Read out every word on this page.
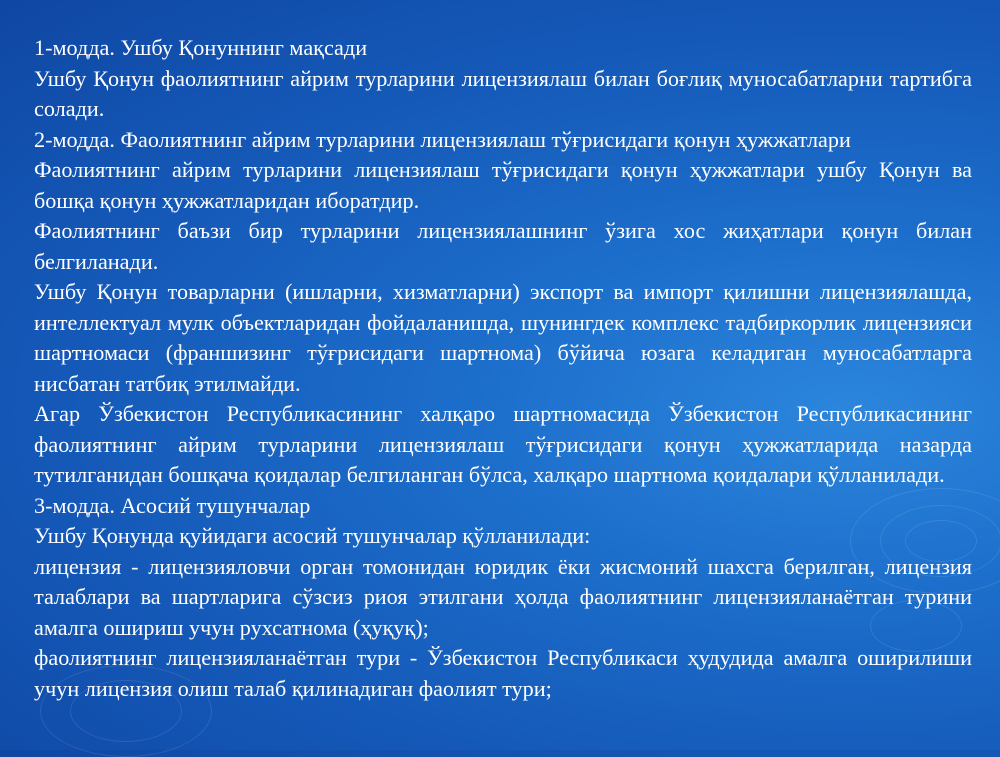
1-модда. Ушбу Қонуннинг мақсади

Ушбу Қонун фаолиятнинг айрим турларини лицензиялаш билан боғлиқ муносабатларни тартибга солади.

2-модда. Фаолиятнинг айрим турларини лицензиялаш тўғрисидаги қонун ҳужжатлари

Фаолиятнинг айрим турларини лицензиялаш тўғрисидаги қонун ҳужжатлари ушбу Қонун ва бошқа қонун ҳужжатларидан иборатдир.

Фаолиятнинг баъзи бир турларини лицензиялашнинг ўзига хос жиҳатлари қонун билан белгиланади.

Ушбу Қонун товарларни (ишларни, хизматларни) экспорт ва импорт қилишни лицензиялашда, интеллектуал мулк объектларидан фойдаланишда, шунингдек комплекс тадбиркорлик лицензияси шартномаси (франшизинг тўғрисидаги шартнома) бўйича юзага келадиган муносабатларга нисбатан татбиқ этилмайди.

Агар Ўзбекистон Республикасининг халқаро шартномасида Ўзбекистон Республикасининг фаолиятнинг айрим турларини лицензиялаш тўғрисидаги қонун ҳужжатларида назарда тутилганидан бошқача қоидалар белгиланган бўлса, халқаро шартнома қоидалари қўлланилади.

3-модда. Асосий тушунчалар

Ушбу Қонунда қуйидаги асосий тушунчалар қўлланилади:

лицензия - лицензияловчи орган томонидан юридик ёки жисмоний шахсга берилган, лицензия талаблари ва шартларига сўзсиз риоя этилгани ҳолда фаолиятнинг лицензияланаётган турини амалга ошириш учун рухсатнома (ҳуқуқ);

фаолиятнинг лицензияланаётган тури - Ўзбекистон Республикаси ҳудудида амалга оширилиши учун лицензия олиш талаб қилинадиган фаолият тури;
